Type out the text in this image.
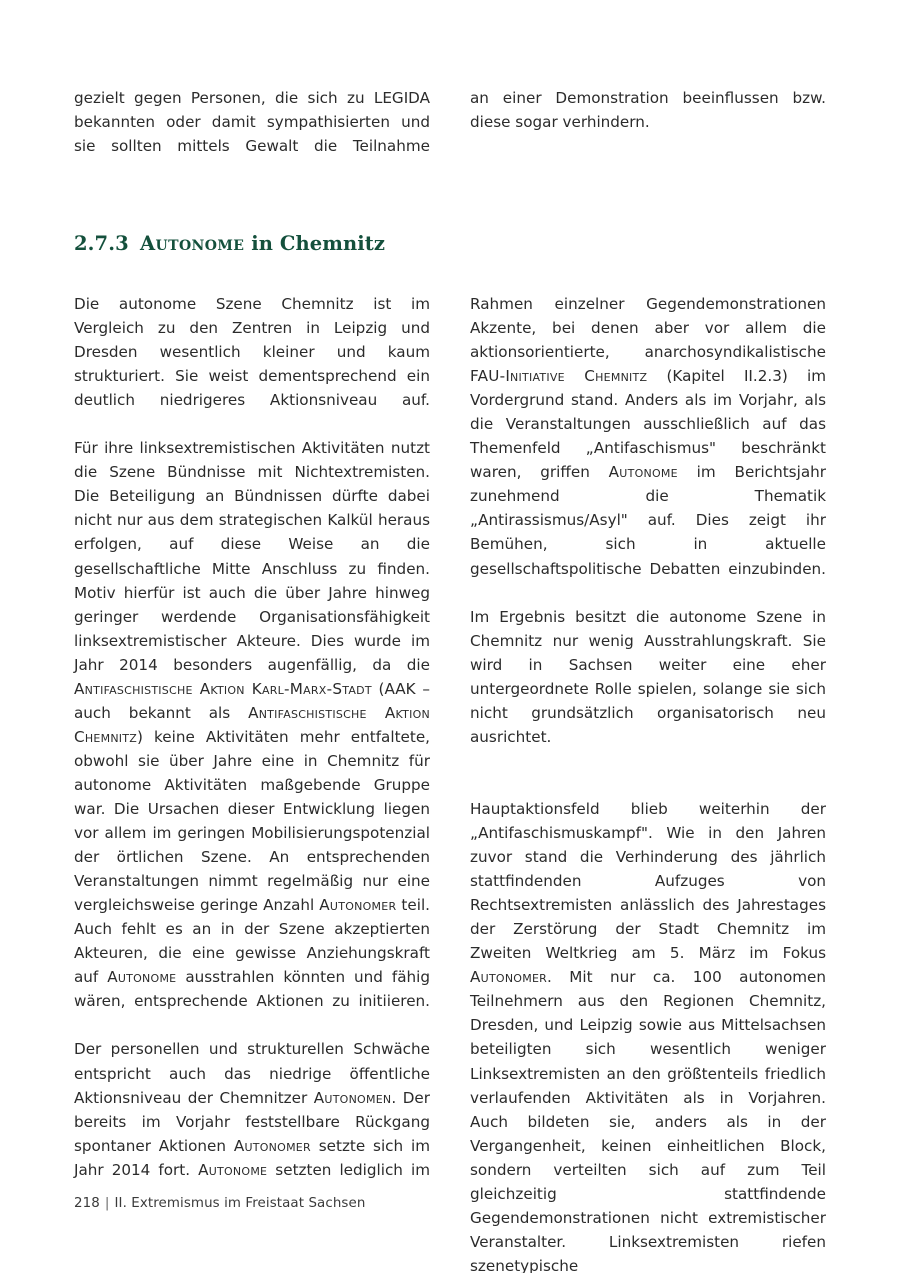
gezielt gegen Personen, die sich zu LEGIDA bekannten oder damit sympathisierten und sie sollten mittels Gewalt die Teilnahme

an einer Demonstration beeinflussen bzw. diese sogar verhindern.

2.7.3 Autonome in Chemnitz

Die autonome Szene Chemnitz ist im Vergleich zu den Zentren in Leipzig und Dresden wesentlich kleiner und kaum strukturiert. Sie weist dementsprechend ein deutlich niedrigeres Aktionsniveau auf.

Für ihre linksextremistischen Aktivitäten nutzt die Szene Bündnisse mit Nichtextremisten. Die Beteiligung an Bündnissen dürfte dabei nicht nur aus dem strategischen Kalkül heraus erfolgen, auf diese Weise an die gesellschaftliche Mitte Anschluss zu finden. Motiv hierfür ist auch die über Jahre hinweg geringer werdende Organisationsfähigkeit linksextremistischer Akteure. Dies wurde im Jahr 2014 besonders augenfällig, da die Antifaschistische Aktion Karl-Marx-Stadt (AAK – auch bekannt als Antifaschistische Aktion Chemnitz) keine Aktivitäten mehr entfaltete, obwohl sie über Jahre eine in Chemnitz für autonome Aktivitäten maßgebende Gruppe war. Die Ursachen dieser Entwicklung liegen vor allem im geringen Mobilisierungspotenzial der örtlichen Szene. An entsprechenden Veranstaltungen nimmt regelmäßig nur eine vergleichsweise geringe Anzahl Autonomer teil. Auch fehlt es an in der Szene akzeptierten Akteuren, die eine gewisse Anziehungskraft auf Autonome ausstrahlen könnten und fähig wären, entsprechende Aktionen zu initiieren.

Der personellen und strukturellen Schwäche entspricht auch das niedrige öffentliche Aktionsniveau der Chemnitzer Autonomen. Der bereits im Vorjahr feststellbare Rückgang spontaner Aktionen Autonomer setzte sich im Jahr 2014 fort. Autonome setzten lediglich im

Rahmen einzelner Gegendemonstrationen Akzente, bei denen aber vor allem die aktionsorientierte, anarchosyndikalistische FAU-Initiative Chemnitz (Kapitel II.2.3) im Vordergrund stand. Anders als im Vorjahr, als die Veranstaltungen ausschließlich auf das Themenfeld „Antifaschismus" beschränkt waren, griffen Autonome im Berichtsjahr zunehmend die Thematik „Antirassismus/Asyl" auf. Dies zeigt ihr Bemühen, sich in aktuelle gesellschaftspolitische Debatten einzubinden.

Im Ergebnis besitzt die autonome Szene in Chemnitz nur wenig Ausstrahlungskraft. Sie wird in Sachsen weiter eine eher untergeordnete Rolle spielen, solange sie sich nicht grundsätzlich organisatorisch neu ausrichtet.

Hauptaktionsfeld blieb weiterhin der „Antifaschismuskampf". Wie in den Jahren zuvor stand die Verhinderung des jährlich stattfindenden Aufzuges von Rechtsextremisten anlässlich des Jahrestages der Zerstörung der Stadt Chemnitz im Zweiten Weltkrieg am 5. März im Fokus Autonomer. Mit nur ca. 100 autonomen Teilnehmern aus den Regionen Chemnitz, Dresden, und Leipzig sowie aus Mittelsachsen beteiligten sich wesentlich weniger Linksextremisten an den größtenteils friedlich verlaufenden Aktivitäten als in Vorjahren. Auch bildeten sie, anders als in der Vergangenheit, keinen einheitlichen Block, sondern verteilten sich auf zum Teil gleichzeitig stattfindende Gegendemonstrationen nicht extremistischer Veranstalter. Linksextremisten riefen szenetypische

218 | II. Extremismus im Freistaat Sachsen
